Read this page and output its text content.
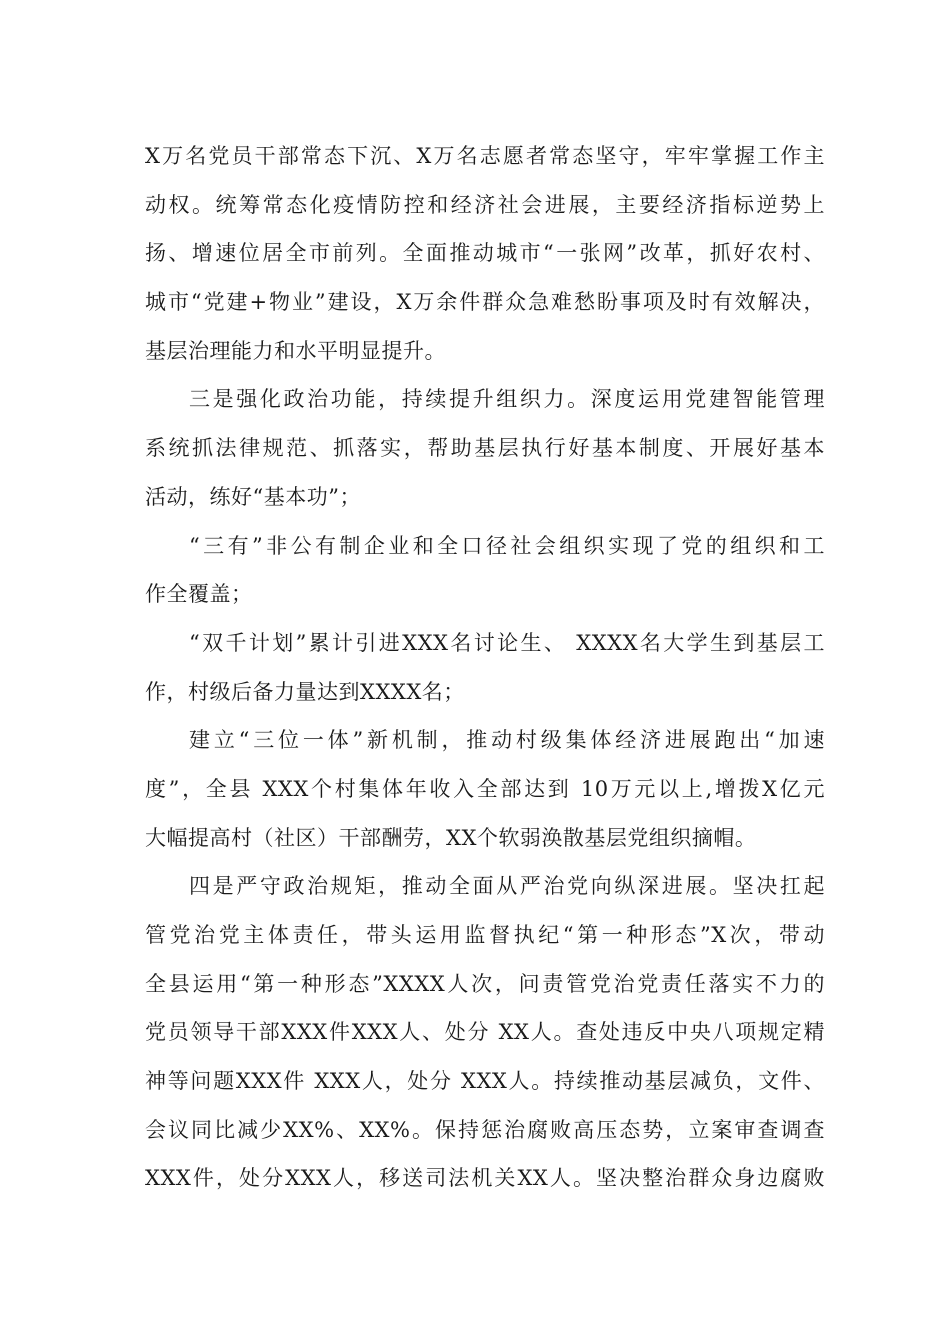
X万名党员干部常态下沉、X万名志愿者常态坚守，牢牢掌握工作主
动权。统筹常态化疫情防控和经济社会进展，主要经济指标逆势上
扬、增速位居全市前列。全面推动城市“一张网”改革，抓好农村、
城市“党建+物业”建设，X万余件群众急难愁盼事项及时有效解决，
基层治理能力和水平明显提升。
三是强化政治功能，持续提升组织力。深度运用党建智能管理
系统抓法律规范、抓落实，帮助基层执行好基本制度、开展好基本
活动，练好“基本功”；
“三有”非公有制企业和全口径社会组织实现了党的组织和工
作全覆盖；
“双千计划”累计引进XXX名讨论生、 XXXX名大学生到基层工
作，村级后备力量达到XXXX名；
建立“三位一体”新机制，推动村级集体经济进展跑出“加速
度”，全县 XXX个村集体年收入全部达到 10万元以上,增拨X亿元
大幅提高村（社区）干部酬劳，XX个软弱涣散基层党组织摘帽。
四是严守政治规矩，推动全面从严治党向纵深进展。坚决扛起
管党治党主体责任，带头运用监督执纪“第一种形态”X次，带动
全县运用“第一种形态”XXXX人次，问责管党治党责任落实不力的
党员领导干部XXX件XXX人、处分 XX人。查处违反中央八项规定精
神等问题XXX件 XXX人，处分 XXX人。持续推动基层减负，文件、
会议同比减少XX%、XX%。保持惩治腐败高压态势，立案审查调查
XXX件，处分XXX人，移送司法机关XX人。坚决整治群众身边腐败
